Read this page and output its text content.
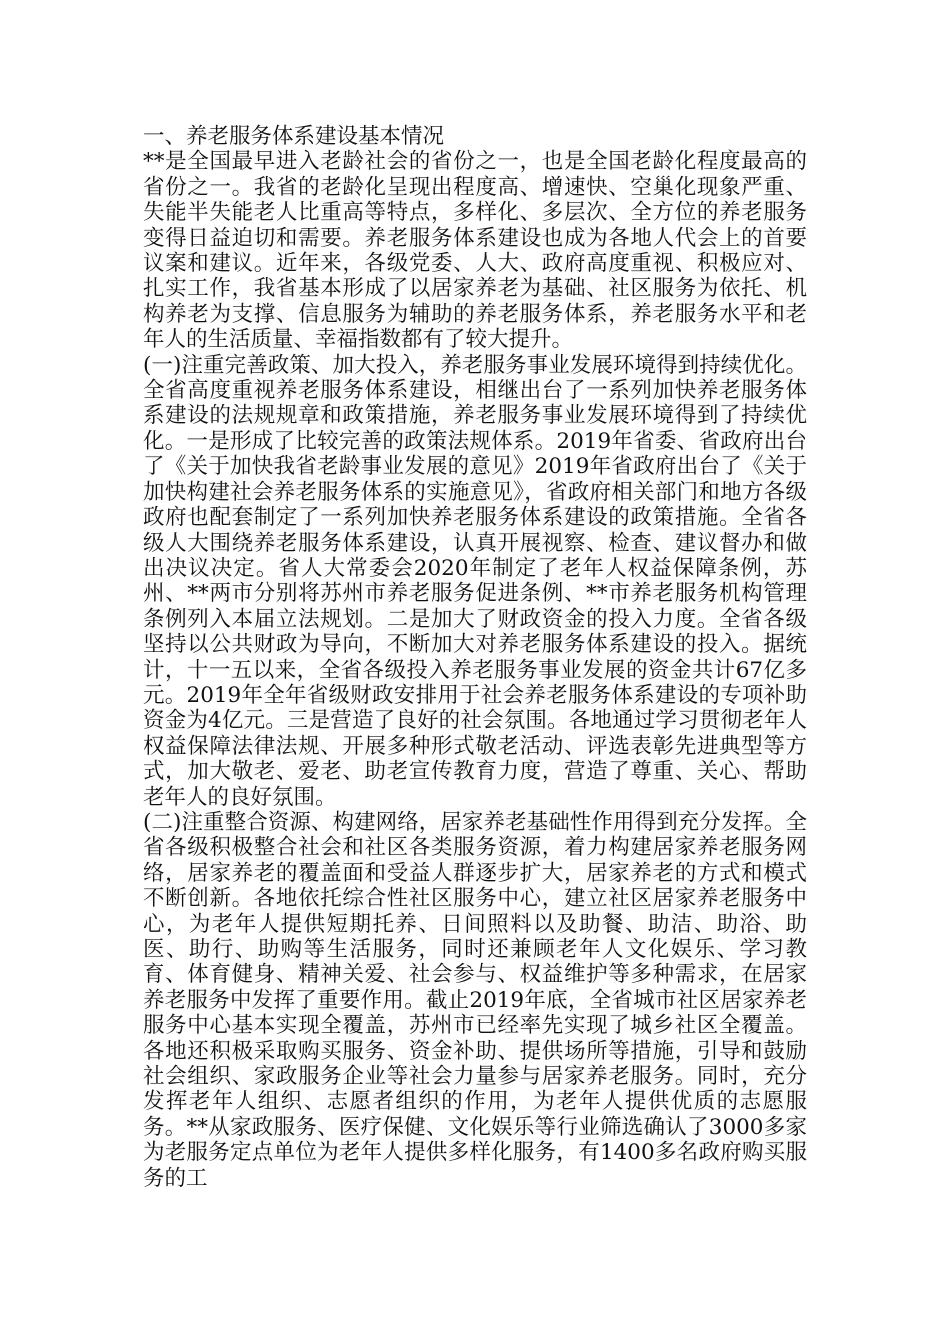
一、养老服务体系建设基本情况

**是全国最早进入老龄社会的省份之一，也是全国老龄化程度最高的省份之一。我省的老龄化呈现出程度高、增速快、空巢化现象严重、失能半失能老人比重高等特点，多样化、多层次、全方位的养老服务变得日益迫切和需要。养老服务体系建设也成为各地人代会上的首要议案和建议。近年来，各级党委、人大、政府高度重视、积极应对、扎实工作，我省基本形成了以居家养老为基础、社区服务为依托、机构养老为支撑、信息服务为辅助的养老服务体系，养老服务水平和老年人的生活质量、幸福指数都有了较大提升。

(一)注重完善政策、加大投入，养老服务事业发展环境得到持续优化。全省高度重视养老服务体系建设，相继出台了一系列加快养老服务体系建设的法规规章和政策措施，养老服务事业发展环境得到了持续优化。一是形成了比较完善的政策法规体系。2019年省委、省政府出台了《关于加快我省老龄事业发展的意见》2019年省政府出台了《关于加快构建社会养老服务体系的实施意见》，省政府相关部门和地方各级政府也配套制定了一系列加快养老服务体系建设的政策措施。全省各级人大围绕养老服务体系建设，认真开展视察、检查、建议督办和做出决议决定。省人大常委会2020年制定了老年人权益保障条例，苏州、**两市分别将苏州市养老服务促进条例、**市养老服务机构管理条例列入本届立法规划。二是加大了财政资金的投入力度。全省各级坚持以公共财政为导向，不断加大对养老服务体系建设的投入。据统计，十一五以来，全省各级投入养老服务事业发展的资金共计67亿多元。2019年全年省级财政安排用于社会养老服务体系建设的专项补助资金为4亿元。三是营造了良好的社会氛围。各地通过学习贯彻老年人权益保障法律法规、开展多种形式敬老活动、评选表彰先进典型等方式，加大敬老、爱老、助老宣传教育力度，营造了尊重、关心、帮助老年人的良好氛围。

(二)注重整合资源、构建网络，居家养老基础性作用得到充分发挥。全省各级积极整合社会和社区各类服务资源，着力构建居家养老服务网络，居家养老的覆盖面和受益人群逐步扩大，居家养老的方式和模式不断创新。各地依托综合性社区服务中心，建立社区居家养老服务中心，为老年人提供短期托养、日间照料以及助餐、助洁、助浴、助医、助行、助购等生活服务，同时还兼顾老年人文化娱乐、学习教育、体育健身、精神关爱、社会参与、权益维护等多种需求，在居家养老服务中发挥了重要作用。截止2019年底，全省城市社区居家养老服务中心基本实现全覆盖，苏州市已经率先实现了城乡社区全覆盖。各地还积极采取购买服务、资金补助、提供场所等措施，引导和鼓励社会组织、家政服务企业等社会力量参与居家养老服务。同时，充分发挥老年人组织、志愿者组织的作用，为老年人提供优质的志愿服务。**从家政服务、医疗保健、文化娱乐等行业筛选确认了3000多家为老服务定点单位为老年人提供多样化服务，有1400多名政府购买服务的工
